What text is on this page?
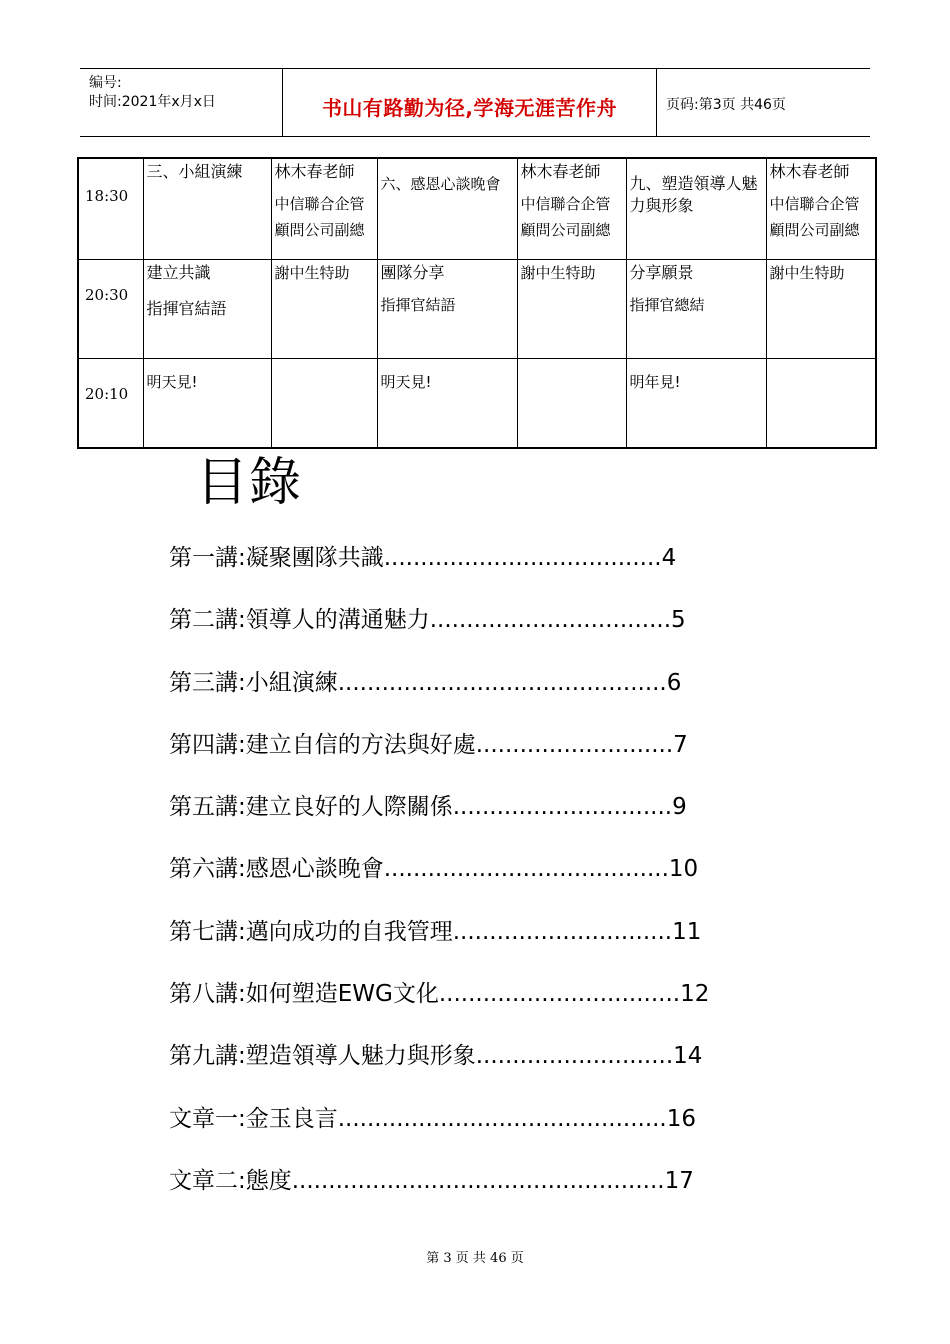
编号:
时间:2021年x月x日	书山有路勤为径,学海无涯苦作舟	页码:第3页 共46页
18:30	三、小組演練	林木春老師
中信聯合企管
顧問公司副總	六、感恩心談晚會	林木春老師
中信聯合企管
顧問公司副總	九、塑造領導人魅力與形象	林木春老師
中信聯合企管
顧問公司副總

20:30	建立共識
指揮官結語	謝中生特助	團隊分享
指揮官結語	謝中生特助	分享願景
指揮官總結	謝中生特助

20:10	明天見!		明天見!		明年見!	

目錄
第一講:凝聚團隊共識......................................4
第二講:領導人的溝通魅力.................................5
第三講:小組演練.............................................6
第四講:建立自信的方法與好處...........................7
第五講:建立良好的人際關係..............................9
第六講:感恩心談晚會.......................................10
第七講:邁向成功的自我管理..............................11
第八講:如何塑造EWG文化.................................12
第九講:塑造領導人魅力與形象...........................14
文章一:金玉良言.............................................16
文章二:態度...................................................17
第 3 页 共 46 页
